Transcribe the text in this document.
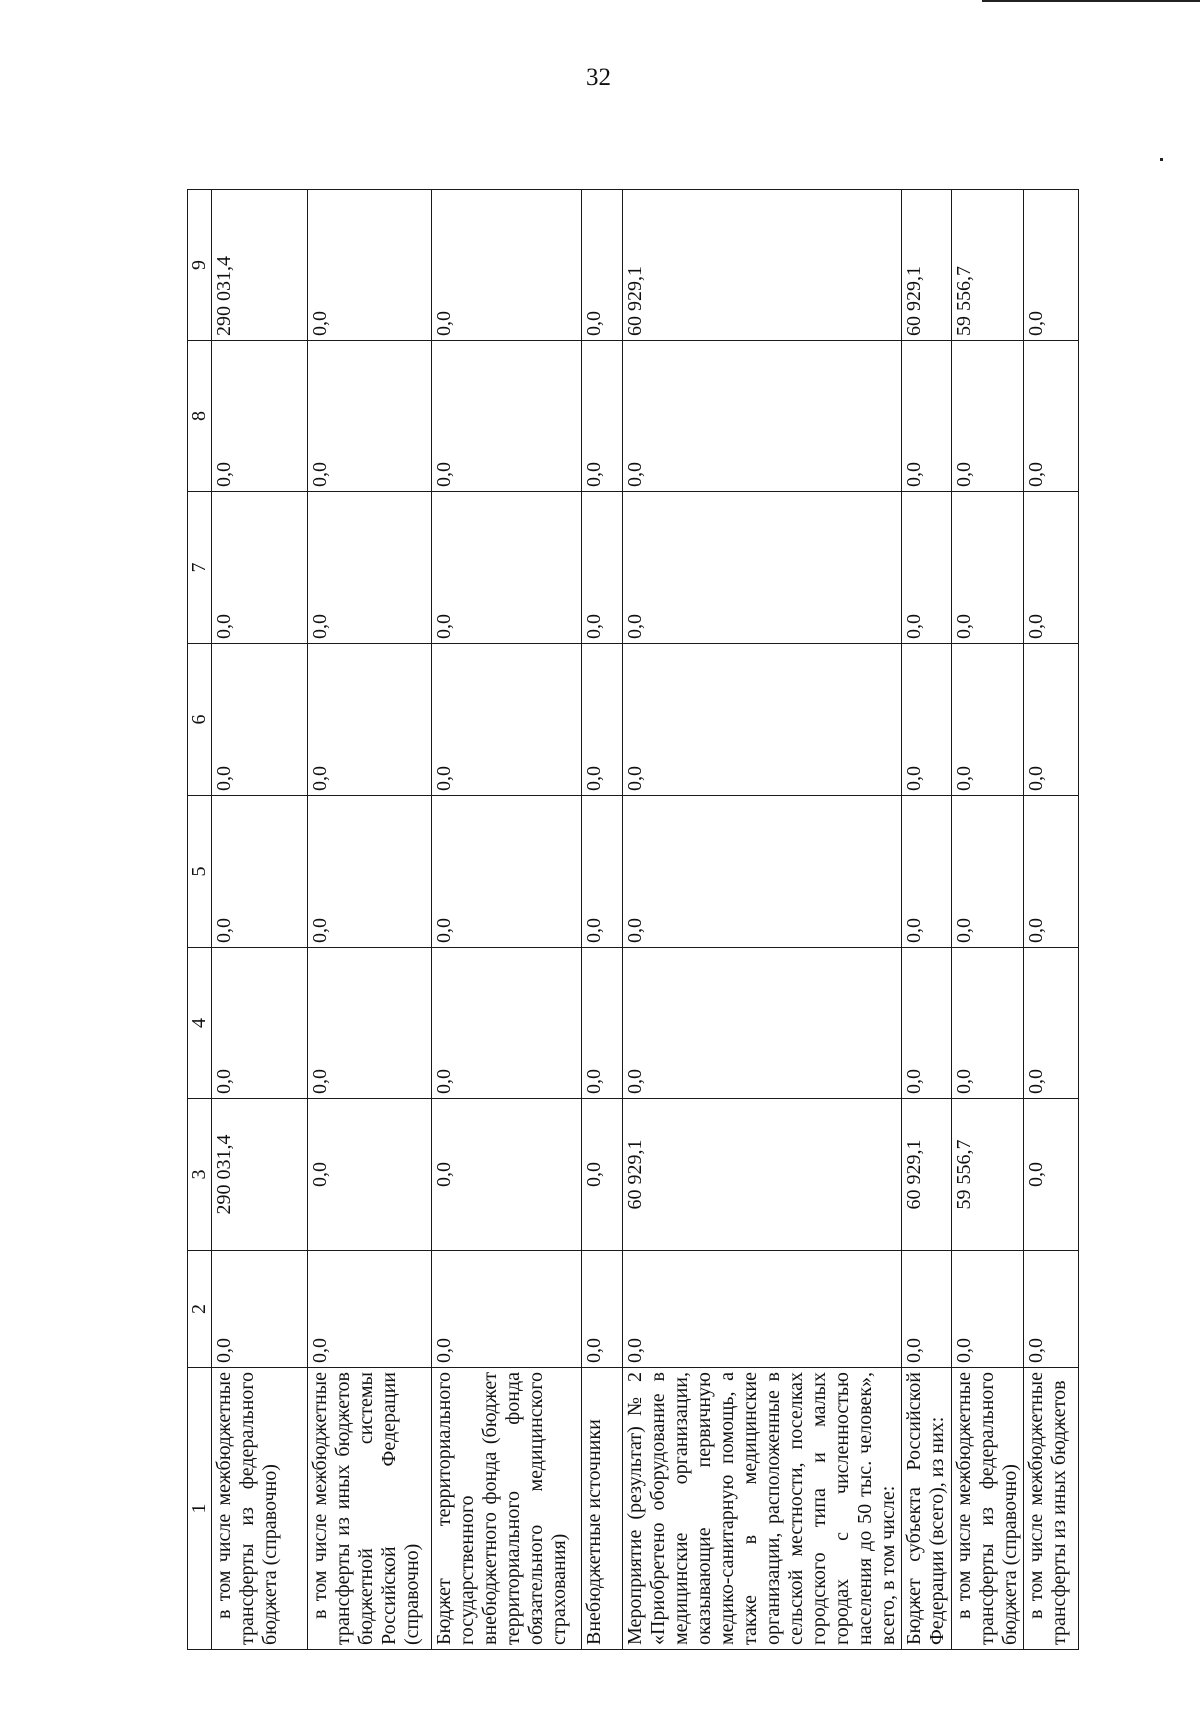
32
1	2	3	4	5	6	7	8	9
в том числе межбюджетные трансферты из федерального бюджета (справочно)	0,0	290 031,4	0,0	0,0	0,0	0,0	0,0	290 031,4
в том числе межбюджетные трансферты из иных бюджетов бюджетной системы Российской Федерации (справочно)	0,0	0,0	0,0	0,0	0,0	0,0	0,0	0,0
Бюджет территориального государственного внебюджетного фонда (бюджет территориального фонда обязательного медицинского страхования)	0,0	0,0	0,0	0,0	0,0	0,0	0,0	0,0
Внебюджетные источники	0,0	0,0	0,0	0,0	0,0	0,0	0,0	0,0
Мероприятие (результат) № 2 «Приобретено оборудование в медицинские организации, оказывающие первичную медико-санитарную помощь, а также в медицинские организации, расположенные в сельской местности, поселках городского типа и малых городах с численностью населения до 50 тыс. человек», всего, в том числе:	0,0	60 929,1	0,0	0,0	0,0	0,0	0,0	60 929,1
Бюджет субъекта Российской Федерации (всего), из них:	0,0	60 929,1	0,0	0,0	0,0	0,0	0,0	60 929,1
в том числе межбюджетные трансферты из федерального бюджета (справочно)	0,0	59 556,7	0,0	0,0	0,0	0,0	0,0	59 556,7
в том числе межбюджетные трансферты из иных бюджетов	0,0	0,0	0,0	0,0	0,0	0,0	0,0	0,0
